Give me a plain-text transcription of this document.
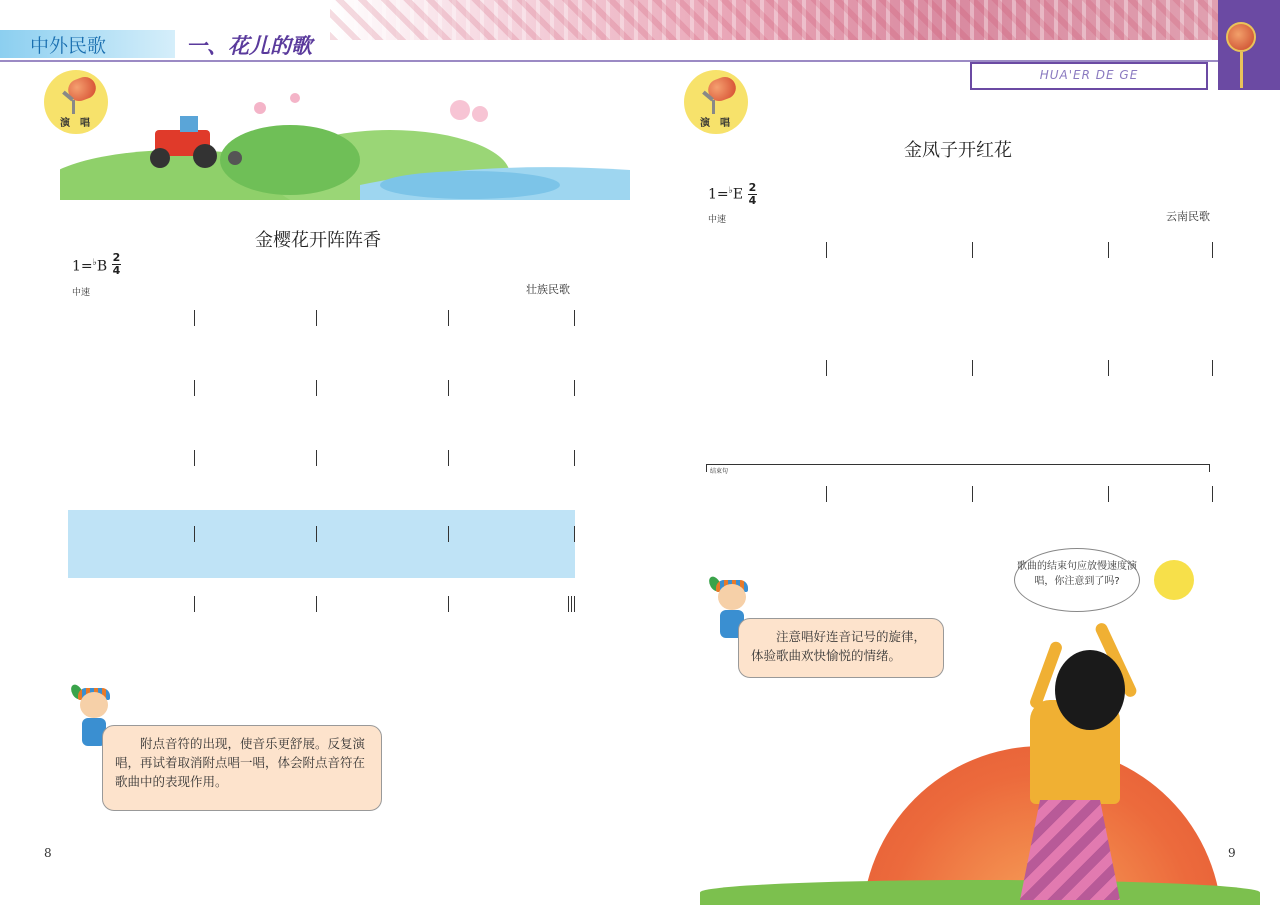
中外民歌	一、花儿的歌
HUA'ER DE GE
演唱
金樱花开阵阵香
1=♭B
2
4
中速	壮族民歌
附点音符的出现，使音乐更舒展。反复演唱，再试着取消附点唱一唱，体会附点音符在歌曲中的表现作用。
8
演唱
金凤子开红花
1=♭E 2
4
中速	云南民歌
结束句
歌曲的结束句应放慢速度演唱，你注意到了吗?
注意唱好连音记号的旋律，体验歌曲欢快愉悦的情绪。
9
